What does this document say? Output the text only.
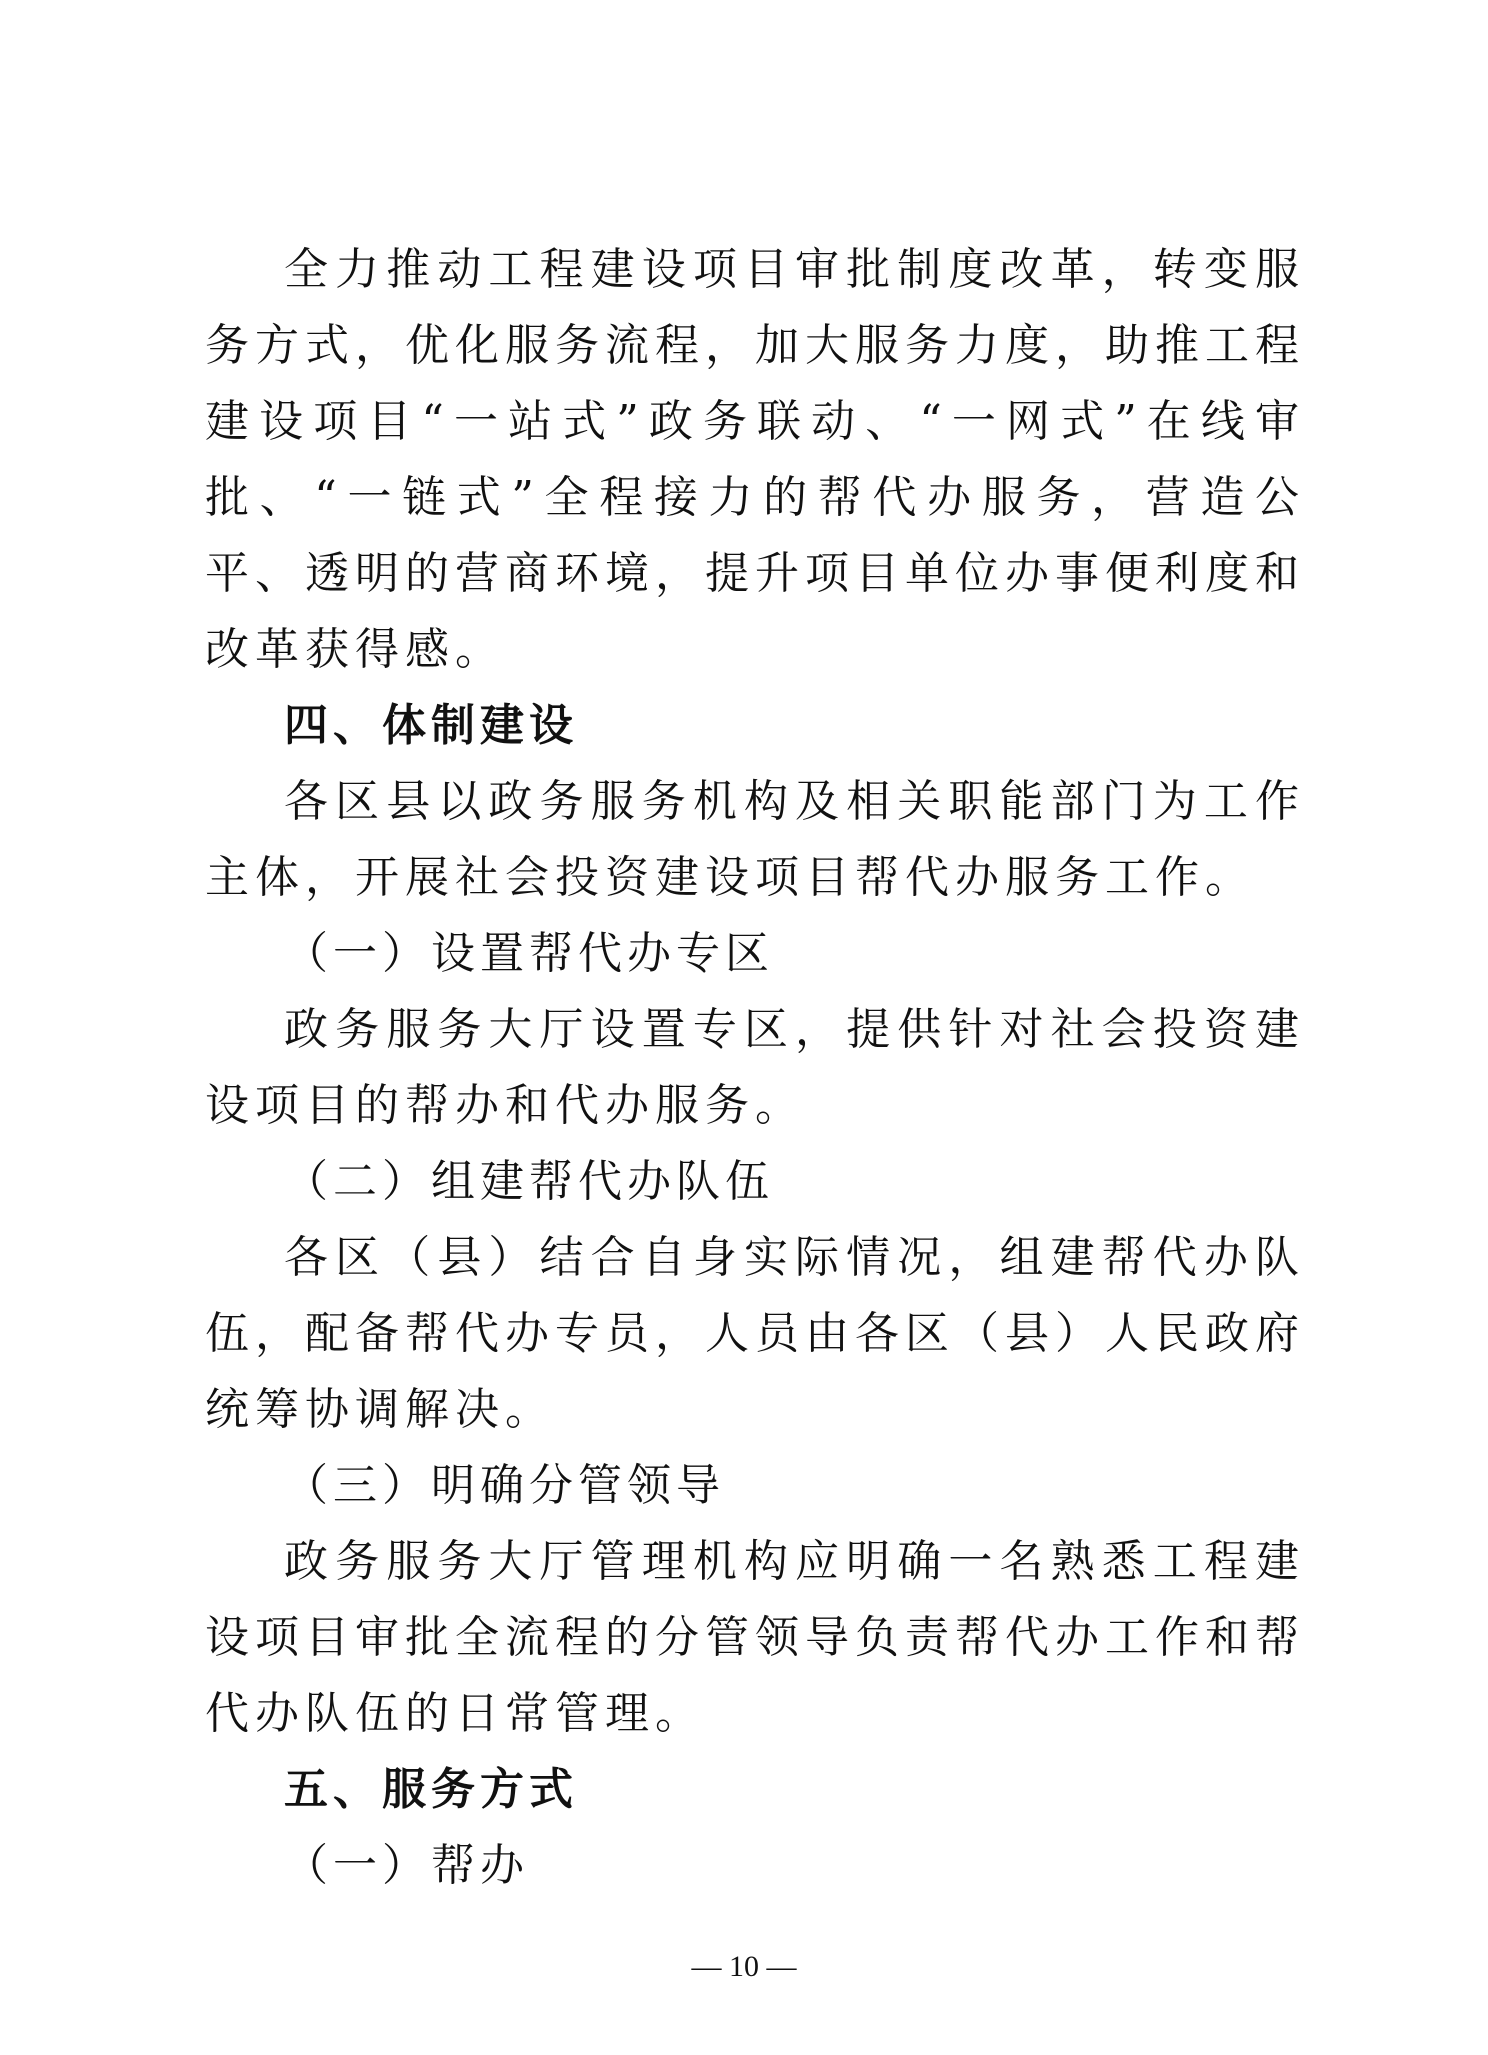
全力推动工程建设项目审批制度改革，转变服务方式，优化服务流程，加大服务力度，助推工程建设项目“一站式”政务联动、“一网式”在线审批、“一链式”全程接力的帮代办服务，营造公平、透明的营商环境，提升项目单位办事便利度和改革获得感。

四、体制建设

各区县以政务服务机构及相关职能部门为工作主体，开展社会投资建设项目帮代办服务工作。

（一）设置帮代办专区

政务服务大厅设置专区，提供针对社会投资建设项目的帮办和代办服务。

（二）组建帮代办队伍

各区（县）结合自身实际情况，组建帮代办队伍，配备帮代办专员，人员由各区（县）人民政府统筹协调解决。

（三）明确分管领导

政务服务大厅管理机构应明确一名熟悉工程建设项目审批全流程的分管领导负责帮代办工作和帮代办队伍的日常管理。

五、服务方式

（一）帮办

— 10 —
